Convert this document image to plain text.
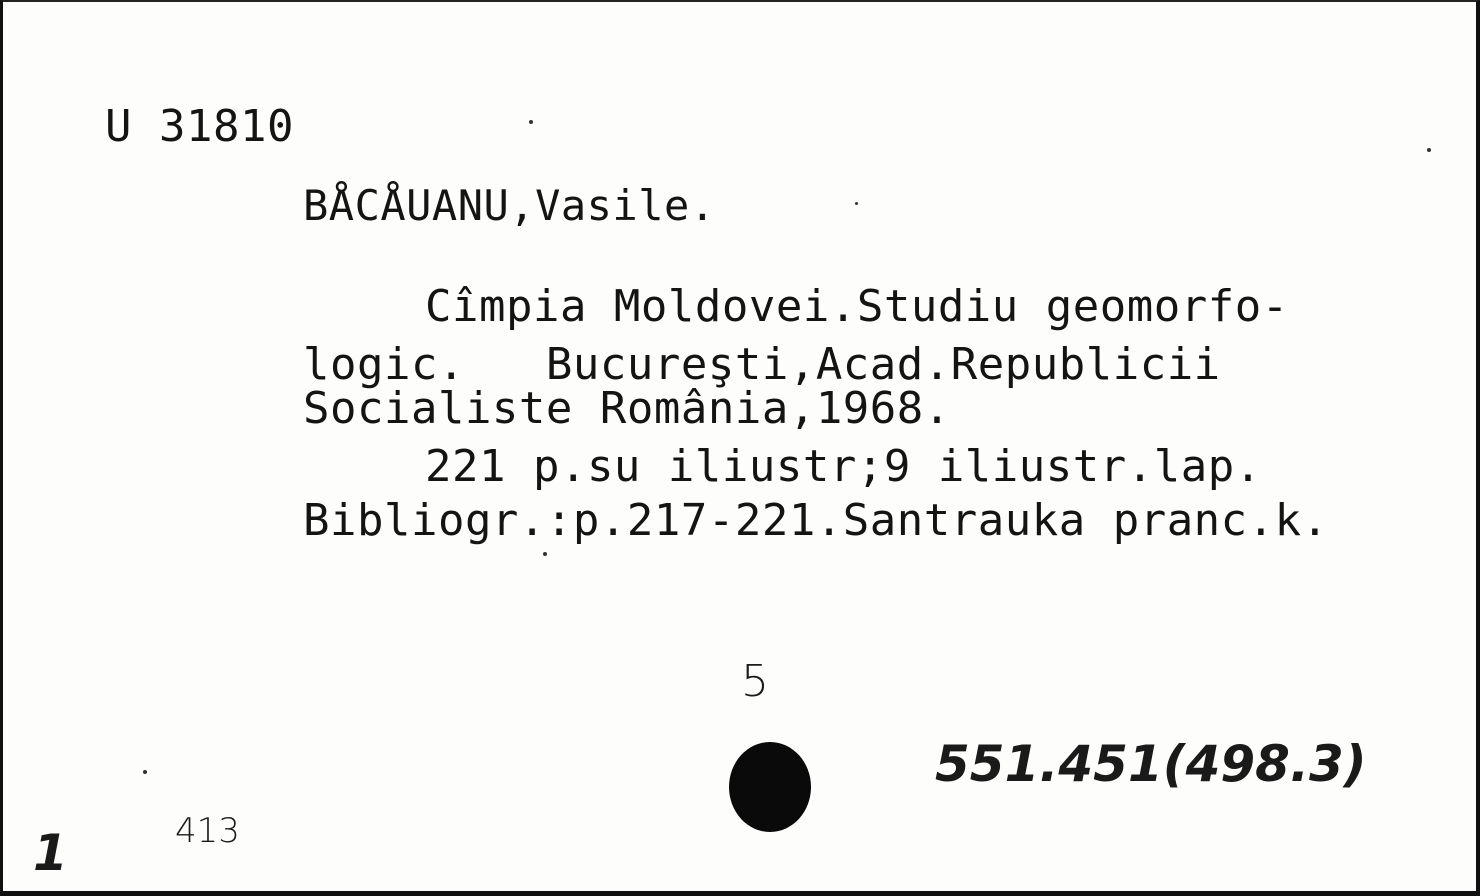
U 31810
BÅCÅUANU,Vasile.
Cîmpia Moldovei.Studiu geomorfo-
logic.   Bucureşti,Acad.Republicii
Socialiste România,1968.
221 p.su iliustr;9 iliustr.lap.
Bibliogr.:p.217-221.Santrauka pranc.k.
5
551.451(498.3)
1	413
